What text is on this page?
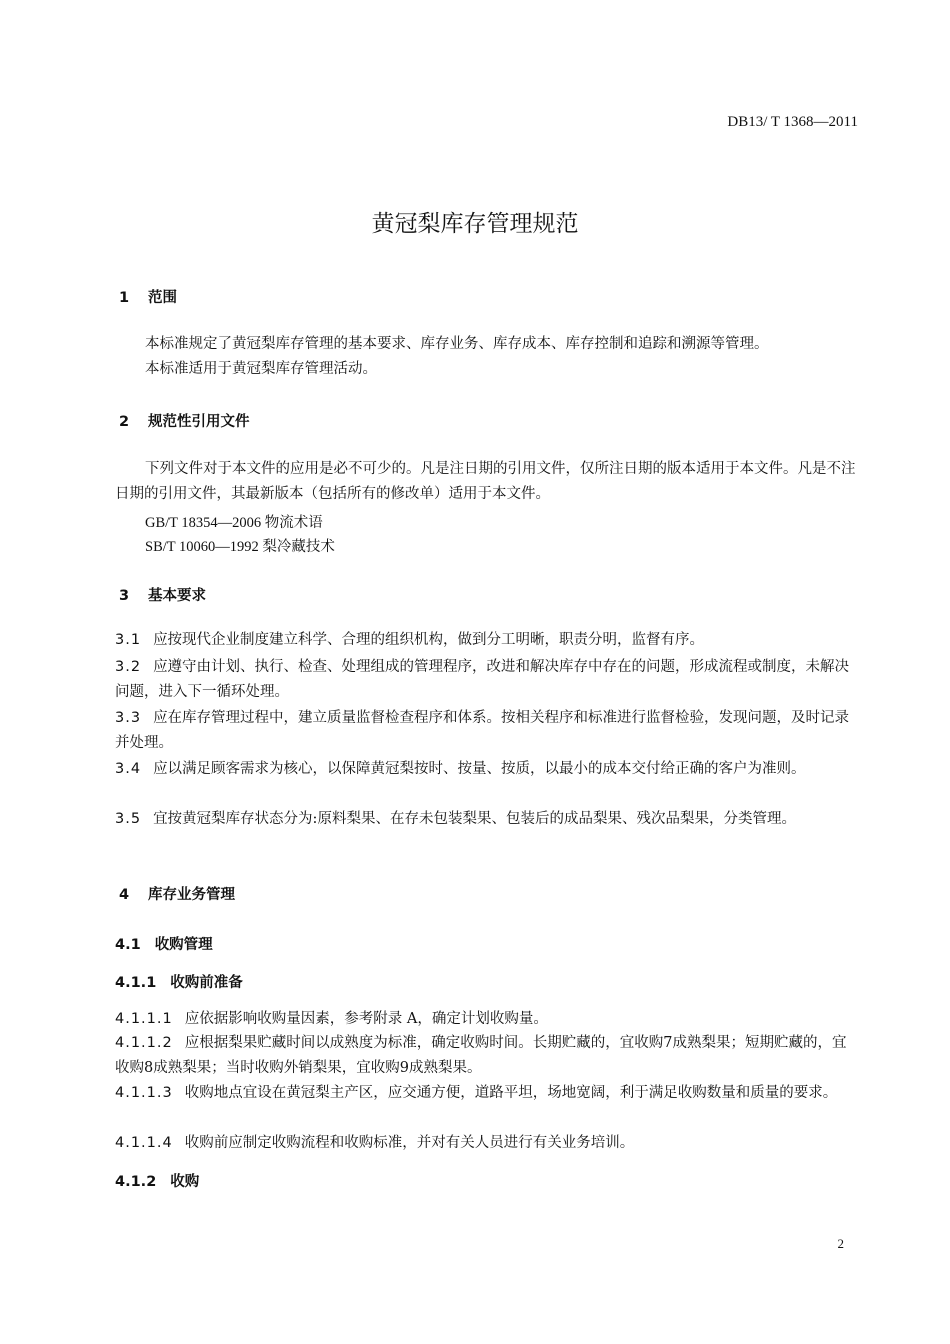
DB13/ T 1368—2011
黄冠梨库存管理规范
1 范围
本标准规定了黄冠梨库存管理的基本要求、库存业务、库存成本、库存控制和追踪和溯源等管理。
本标准适用于黄冠梨库存管理活动。
2 规范性引用文件
下列文件对于本文件的应用是必不可少的。凡是注日期的引用文件，仅所注日期的版本适用于本文件。凡是不注日期的引用文件，其最新版本（包括所有的修改单）适用于本文件。
GB/T 18354—2006 物流术语
SB/T 10060—1992 梨冷藏技术
3 基本要求
3.1 应按现代企业制度建立科学、合理的组织机构，做到分工明晰，职责分明，监督有序。
3.2 应遵守由计划、执行、检查、处理组成的管理程序，改进和解决库存中存在的问题，形成流程或制度，未解决问题，进入下一循环处理。
3.3 应在库存管理过程中，建立质量监督检查程序和体系。按相关程序和标准进行监督检验，发现问题，及时记录并处理。
3.4 应以满足顾客需求为核心，以保障黄冠梨按时、按量、按质，以最小的成本交付给正确的客户为准则。
3.5 宜按黄冠梨库存状态分为:原料梨果、在存未包装梨果、包装后的成品梨果、残次品梨果，分类管理。
4 库存业务管理
4.1 收购管理
4.1.1 收购前准备
4.1.1.1 应依据影响收购量因素，参考附录 A，确定计划收购量。
4.1.1.2 应根据梨果贮藏时间以成熟度为标准，确定收购时间。长期贮藏的，宜收购7成熟梨果；短期贮藏的，宜收购8成熟梨果；当时收购外销梨果，宜收购9成熟梨果。
4.1.1.3 收购地点宜设在黄冠梨主产区，应交通方便，道路平坦，场地宽阔，利于满足收购数量和质量的要求。
4.1.1.4 收购前应制定收购流程和收购标准，并对有关人员进行有关业务培训。
4.1.2 收购
2
